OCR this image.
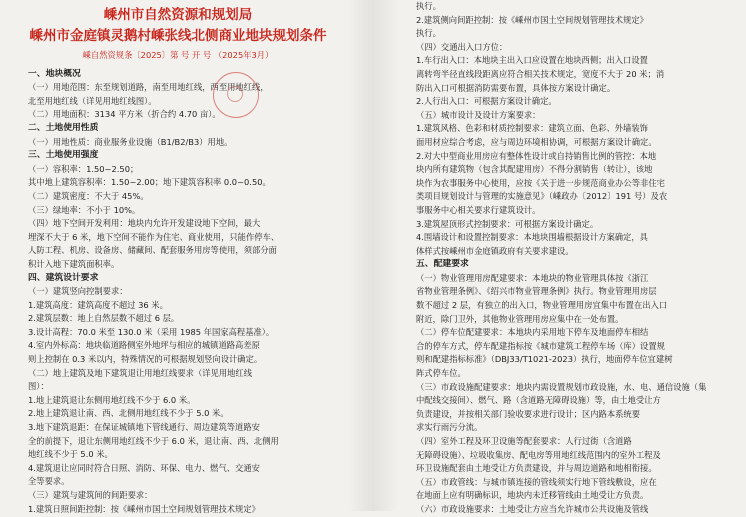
嵊州市自然资源和规划局
嵊州市金庭镇灵鹅村嵊张线北侧商业地块规划条件
嵊自然资规条〔2025〕第 号 开 号 （2025年3月）
一、地块概况
（一）用地范围：东至规划道路，南至用地红线，西至用地红线，
北至用地红线（详见用地红线图）。
（二）用地面积：3134 平方米（折合约 4.70 亩）。
二、土地使用性质
（一）用地性质：商业服务业设施（B1/B2/B3）用地。
三、土地使用强度
（一）容积率：1.50~2.50；
其中地上建筑容积率：1.50~2.00；地下建筑容积率 0.0~0.50。
（二）建筑密度：不大于 45%。
（三）绿地率：不小于 10%。
（四）地下空间开发利用：地块内允许开发建设地下空间，最大
埋深不大于 6 米，地下空间不能作为住宅、商业使用，只能作停车、
人防工程、机房、设备房、储藏间、配套服务用房等使用，须部分面
积计入地下建筑面积率。
四、建筑设计要求
（一）建筑竖向控制要求：
1.建筑高度：建筑高度不超过 36 米。
2.建筑层数：地上自然层数不超过 6 层。
3.设计高程：70.0 米至 130.0 米（采用 1985 年国家高程基准）。
4.室内外标高：地块临道路侧室外地坪与相应的城镇道路高差原
则上控制在 0.3 米以内，特殊情况的可根据规划竖向设计确定。
（二）地上建筑及地下建筑退让用地红线要求（详见用地红线
图）：
1.地上建筑退让东侧用地红线不少于 6.0 米。
2.地上建筑退让南、西、北侧用地红线不少于 5.0 米。
3.地下建筑退距：在保证城镇地下管线通行、周边建筑等道路安
全的前提下，退让东侧用地红线不少于 6.0 米，退让南、西、北侧用
地红线不少于 5.0 米。
4.建筑退让应同时符合日照、消防、环保、电力、燃气、交通安
全等要求。
（三）建筑与建筑间的间距要求：
1.建筑日照间距控制：按《嵊州市国土空间规划管理技术规定》
执行。
2.建筑侧向间距控制：按《嵊州市国土空间规划管理技术规定》
执行。
（四）交通出入口方位：
1.车行出入口：本地块主出入口应设置在地块西侧；出入口设置
离转弯半径直线段距离应符合相关技术规定，宽度不大于 20 米；消
防出入口可根据消防需要布置，具体按方案设计确定。
2.人行出入口：可根据方案设计确定。
（五）城市设计及设计方案要求：
1.建筑风格、色彩和材质控制要求：建筑立面、色彩、外墙装饰
面用材应综合考虑，应与周边环境相协调，可根据方案设计确定。
2.对大中型商业用房应有整体性设计或自持销售比例的管控：本地
块内所有建筑物（包含其配建用房）不得分割销售（转让），该地
块作为农事服务中心使用，应按《关于进一步规范商业办公等非住宅
类项目规划设计与管理的实施意见》（嵊政办〔2012〕191 号）及农
事服务中心相关要求行建筑设计。
3.建筑屋顶形式控制要求：可根据方案设计确定。
4.围墙设计和设置控制要求：本地块围墙根据设计方案确定，具
体样式按嵊州市金庭镇政府有关要求建设。
五、配建要求
（一）物业管理用房配建要求：本地块的物业管理具体按《浙江
省物业管理条例》、《绍兴市物业管理条例》执行。物业管理用房层
数不超过 2 层，有独立的出入口，物业管理用房宜集中布置在出入口
附近，除门卫外，其他物业管理用房应集中在一处布置。
（二）停车位配建要求：本地块内采用地下停车及地面停车相结
合的停车方式，停车配建指标按《城市建筑工程停车场（库）设置规
则和配建指标标准》（DBJ33/T1021-2023）执行，地面停车位宜建树
阵式停车位。
（三）市政设施配建要求：地块内需设置规划市政设施，水、电、通信设施（集
中配线交接间）、燃气、路（含道路无障碍设施）等，由土地受让方
负责建设，并按相关部门验收要求进行设计；区内路本系统要
求实行雨污分流。
（四）室外工程及环卫设施等配套要求：人行过街（含道路
无障碍设施）、垃圾收集房、配电房等用地红线范围内的室外工程及
环卫设施配套由土地受让方负责建设，并与周边道路和地相衔接。
（五）市政管线：与城市镇连接的管线须实行地下管线敷设，应在
在地面上应有明确标识，地块内未迁移管线由土地受让方负责。
（六）市政设施要求：土地受让方应当允许城市公共设施及管线
